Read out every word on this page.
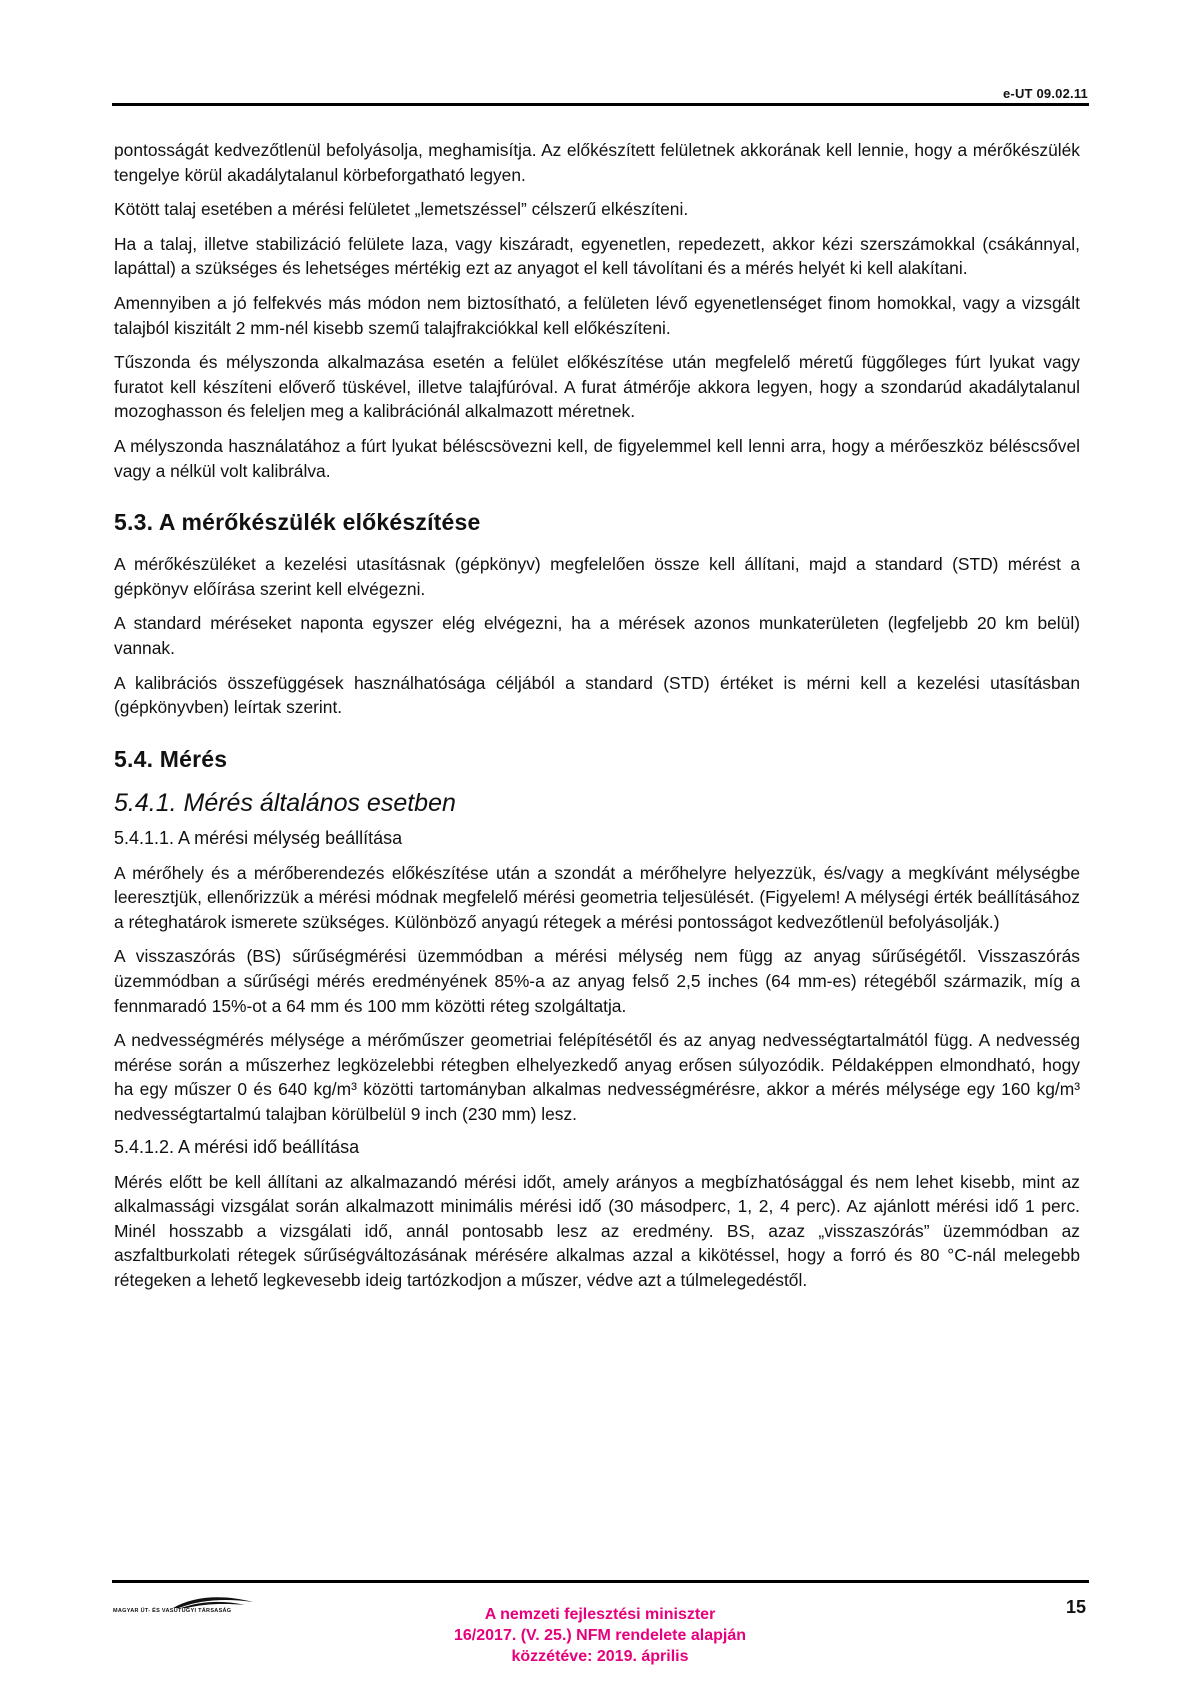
e-UT 09.02.11

pontosságát kedvezőtlenül befolyásolja, meghamisítja. Az előkészített felületnek akkorának kell lennie, hogy a mérőkészülék tengelye körül akadálytalanul körbeforgatható legyen.

Kötött talaj esetében a mérési felületet „lemetszéssel” célszerű elkészíteni.

Ha a talaj, illetve stabilizáció felülete laza, vagy kiszáradt, egyenetlen, repedezett, akkor kézi szerszámokkal (csákánnyal, lapáttal) a szükséges és lehetséges mértékig ezt az anyagot el kell távolítani és a mérés helyét ki kell alakítani.

Amennyiben a jó felfekvés más módon nem biztosítható, a felületen lévő egyenetlenséget finom homokkal, vagy a vizsgált talajból kiszitált 2 mm-nél kisebb szemű talajfrakciókkal kell előkészíteni.

Tűszonda és mélyszonda alkalmazása esetén a felület előkészítése után megfelelő méretű függőleges fúrt lyukat vagy furatot kell készíteni előverő tüskével, illetve talajfúróval. A furat átmérője akkora legyen, hogy a szondarúd akadálytalanul mozoghasson és feleljen meg a kalibrációnál alkalmazott méretnek.

A mélyszonda használatához a fúrt lyukat béléscsövezni kell, de figyelemmel kell lenni arra, hogy a mérőeszköz béléscsővel vagy a nélkül volt kalibrálva.

5.3. A mérőkészülék előkészítése

A mérőkészüléket a kezelési utasításnak (gépkönyv) megfelelően össze kell állítani, majd a standard (STD) mérést a gépkönyv előírása szerint kell elvégezni.

A standard méréseket naponta egyszer elég elvégezni, ha a mérések azonos munkaterületen (legfeljebb 20 km belül) vannak.

A kalibrációs összefüggések használhatósága céljából a standard (STD) értéket is mérni kell a kezelési utasításban (gépkönyvben) leírtak szerint.

5.4. Mérés
5.4.1. Mérés általános esetben
5.4.1.1. A mérési mélység beállítása

A mérőhely és a mérőberendezés előkészítése után a szondát a mérőhelyre helyezzük, és/vagy a megkívánt mélységbe leeresztjük, ellenőrizzük a mérési módnak megfelelő mérési geometria teljesülését. (Figyelem! A mélységi érték beállításához a réteghatárok ismerete szükséges. Különböző anyagú rétegek a mérési pontosságot kedvezőtlenül befolyásolják.)

A visszaszórás (BS) sűrűségmérési üzemmódban a mérési mélység nem függ az anyag sűrűségétől. Visszaszórás üzemmódban a sűrűségi mérés eredményének 85%-a az anyag felső 2,5 inches (64 mm-es) rétegéből származik, míg a fennmaradó 15%-ot a 64 mm és 100 mm közötti réteg szolgáltatja.

A nedvességmérés mélysége a mérőműszer geometriai felépítésétől és az anyag nedvességtartalmától függ. A nedvesség mérése során a műszerhez legközelebbi rétegben elhelyezkedő anyag erősen súlyozódik. Példaképpen elmondható, hogy ha egy műszer 0 és 640 kg/m³ közötti tartományban alkalmas nedvességmérésre, akkor a mérés mélysége egy 160 kg/m³ nedvességtartalmú talajban körülbelül 9 inch (230 mm) lesz.

5.4.1.2. A mérési idő beállítása

Mérés előtt be kell állítani az alkalmazandó mérési időt, amely arányos a megbízhatósággal és nem lehet kisebb, mint az alkalmassági vizsgálat során alkalmazott minimális mérési idő (30 másodperc, 1, 2, 4 perc). Az ajánlott mérési idő 1 perc. Minél hosszabb a vizsgálati idő, annál pontosabb lesz az eredmény. BS, azaz „visszaszórás” üzemmódban az aszfaltburkolati rétegek sűrűségváltozásának mérésére alkalmas azzal a kikötéssel, hogy a forró és 80 °C-nál melegebb rétegeken a lehető legkevesebb ideig tartózkodjon a műszer, védve azt a túlmelegedéstől.

MAGYAR ÚT- ÉS VASÚTÜGYI TÁRSASÁG	A nemzeti fejlesztési miniszter
16/2017. (V. 25.) NFM rendelete alapján
közzétéve: 2019. április
15
